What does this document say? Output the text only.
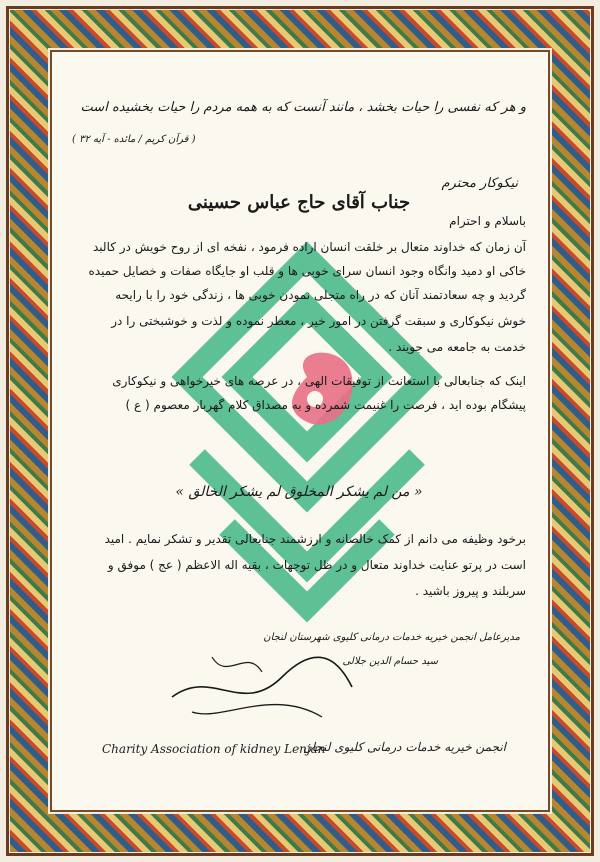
و هر که نفسی را حیات بخشد ، مانند آنست که به همه مردم را حیات بخشیده است
( قرآن کریم / مائده - آیه ۳۲ )
نیکوکار محترم
جناب آقای حاج عباس حسینی
باسلام و احترام
آن زمان که خداوند متعال بر خلقت انسان اراده فرمود ، نفخه ای از روح خویش در کالبد
خاکی او دمید وانگاه وجود انسان سرای خوبی ها و قلب او جایگاه صفات و خصایل حمیده
گردید و چه سعادتمند آنان که در راه متجلی نمودن خوبی ها ، زندگی خود را با رایحه
خوش نیکوکاری و سبقت گرفتن در امور خیر ، معطر نموده و لذت و خوشبختی را در
خدمت به جامعه می جویند .
اینک که جنابعالی با استعانت از توفیقات الهی ، در عرصه های خیرخواهی و نیکوکاری
پیشگام بوده اید ، فرصت را غنیمت شمرده و به مصداق کلام گهربار معصوم ( ع )
« من لم یشکر المخلوق لم یشکر الخالق »
برخود وظیفه می دانم از کمک خالصانه و ارزشمند جنابعالی تقدیر و تشکر نمایم . امید
است در پرتو عنایت خداوند متعال و در ظل توجهات ، بقیه اله الاعظم ( عج ) موفق و
سربلند و پیروز باشید .
مدیرعامل انجمن خیریه خدمات درمانی کلیوی شهرستان لنجان
سید حسام الدین جلالی
Charity Association of kidney Lenjan
انجمن خیریه خدمات درمانی کلیوی لنجان
